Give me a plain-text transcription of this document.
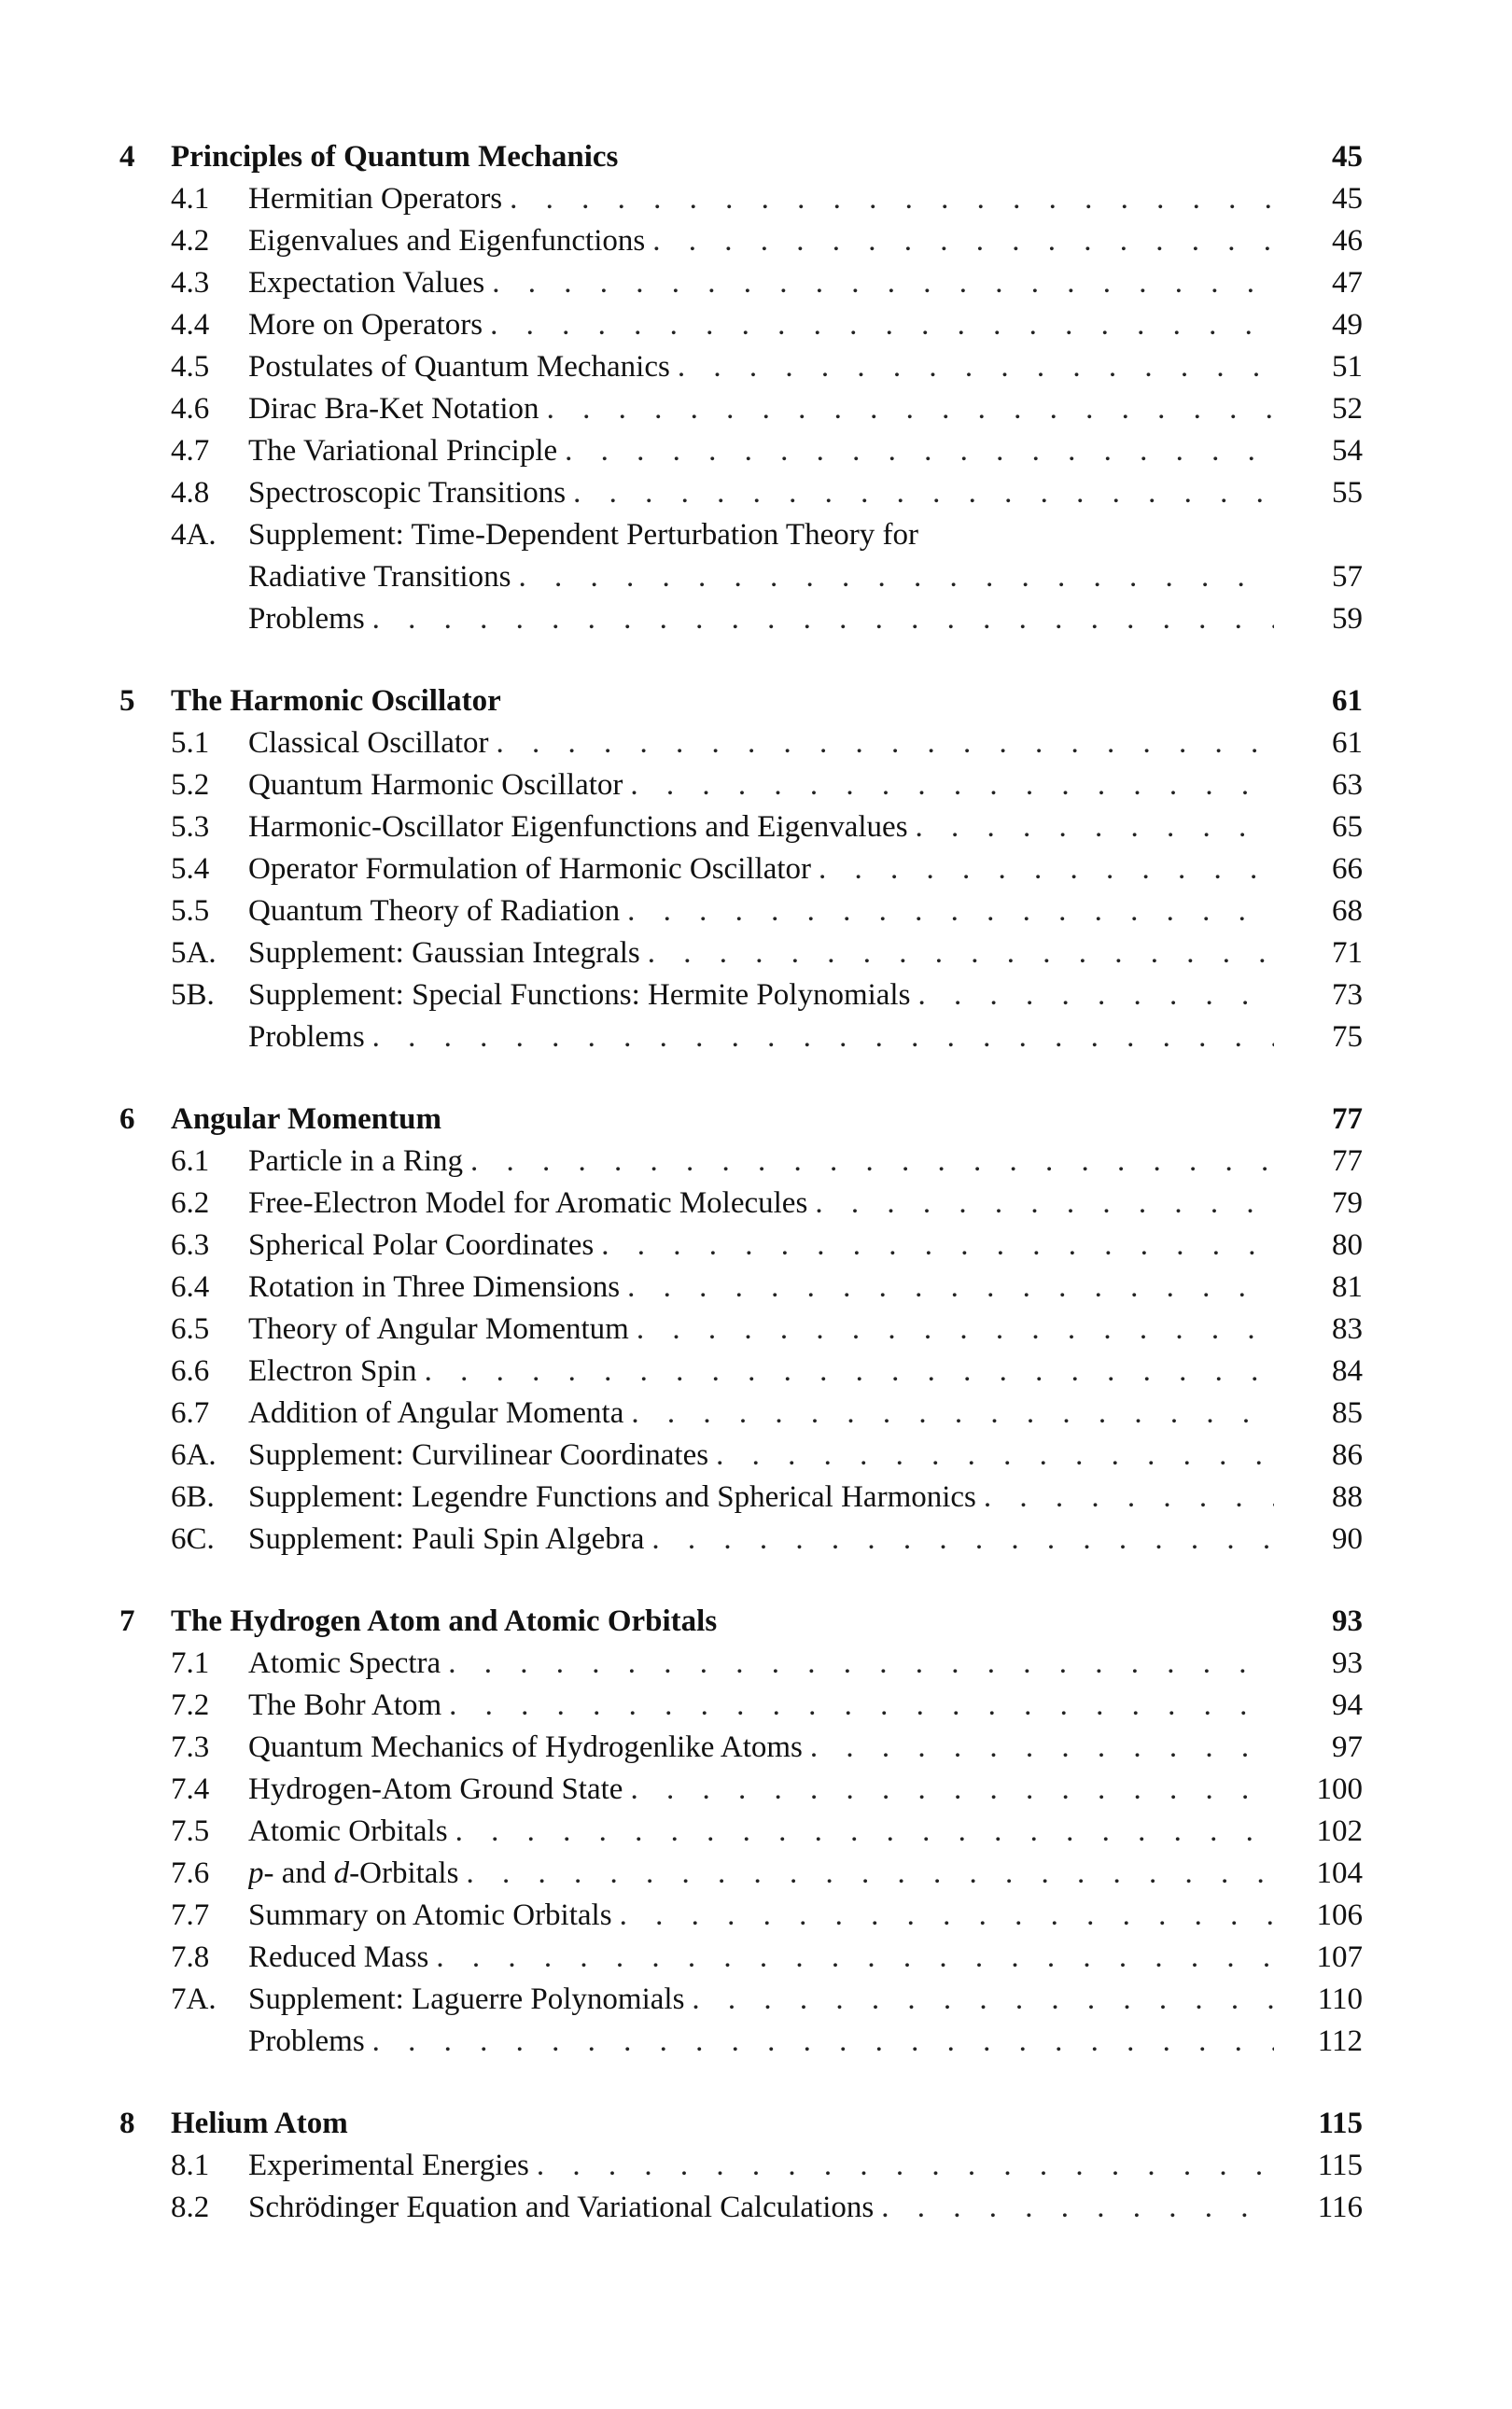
4 Principles of Quantum Mechanics	45
4.1 Hermitian Operators . . .	45
4.2 Eigenvalues and Eigenfunctions . . .	46
4.3 Expectation Values . . .	47
4.4 More on Operators . . .	49
4.5 Postulates of Quantum Mechanics . . .	51
4.6 Dirac Bra-Ket Notation . . .	52
4.7 The Variational Principle . . .	54
4.8 Spectroscopic Transitions . . .	55
4A. Supplement: Time-Dependent Perturbation Theory for
Radiative Transitions . . .	57
Problems . . .	59
5 The Harmonic Oscillator	61
5.1 Classical Oscillator . . .	61
5.2 Quantum Harmonic Oscillator . . .	63
5.3 Harmonic-Oscillator Eigenfunctions and Eigenvalues . . .	65
5.4 Operator Formulation of Harmonic Oscillator . . .	66
5.5 Quantum Theory of Radiation . . .	68
5A. Supplement: Gaussian Integrals . . .	71
5B. Supplement: Special Functions: Hermite Polynomials . . .	73
Problems . . .	75
6 Angular Momentum	77
6.1 Particle in a Ring . . .	77
6.2 Free-Electron Model for Aromatic Molecules . . .	79
6.3 Spherical Polar Coordinates . . .	80
6.4 Rotation in Three Dimensions . . .	81
6.5 Theory of Angular Momentum . . .	83
6.6 Electron Spin . . .	84
6.7 Addition of Angular Momenta . . .	85
6A. Supplement: Curvilinear Coordinates . . .	86
6B. Supplement: Legendre Functions and Spherical Harmonics . . .	88
6C. Supplement: Pauli Spin Algebra . . .	90
7 The Hydrogen Atom and Atomic Orbitals	93
7.1 Atomic Spectra . . .	93
7.2 The Bohr Atom . . .	94
7.3 Quantum Mechanics of Hydrogenlike Atoms . . .	97
7.4 Hydrogen-Atom Ground State . . .	100
7.5 Atomic Orbitals . . .	102
7.6 p- and d-Orbitals . . .	104
7.7 Summary on Atomic Orbitals . . .	106
7.8 Reduced Mass . . .	107
7A. Supplement: Laguerre Polynomials . . .	110
Problems . . .	112
8 Helium Atom	115
8.1 Experimental Energies . . .	115
8.2 Schrödinger Equation and Variational Calculations . . .	116
